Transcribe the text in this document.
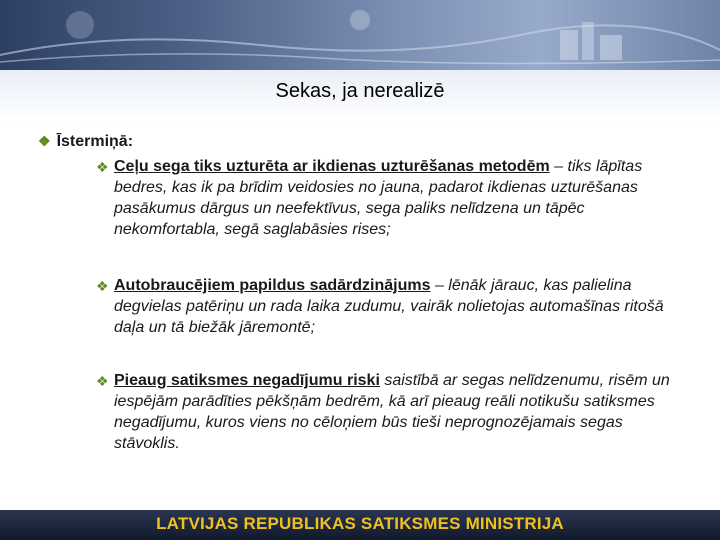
Sekas, ja nerealizē
❖ Īstermiņā:
❖ Ceļu sega tiks uzturēta ar ikdienas uzturēšanas metodēm – tiks lāpītas bedres, kas ik pa brīdim veidosies no jauna, padarot ikdienas uzturēšanas pasākumus dārgus un neefektīvus, sega paliks nelīdzena un tāpēc nekomfortabla, segā saglabāsies rises;
❖ Autobraucējiem papildus sadārdzinājums – lēnāk jārauc, kas palielina degvielas patēriņu un rada laika zudumu, vairāk nolietojas automašīnas ritošā daļa un tā biežāk jāremontē;
❖ Pieaug satiksmes negadījumu riski saistībā ar segas nelīdzenumu, risēm un iespējām parādīties pēkšņām bedrēm, kā arī pieaug reāli notikušu satiksmes negadījumu, kuros viens no cēloņiem būs tieši neprognozējamais segas stāvoklis.
LATVIJAS REPUBLIKAS SATIKSMES MINISTRIJA
